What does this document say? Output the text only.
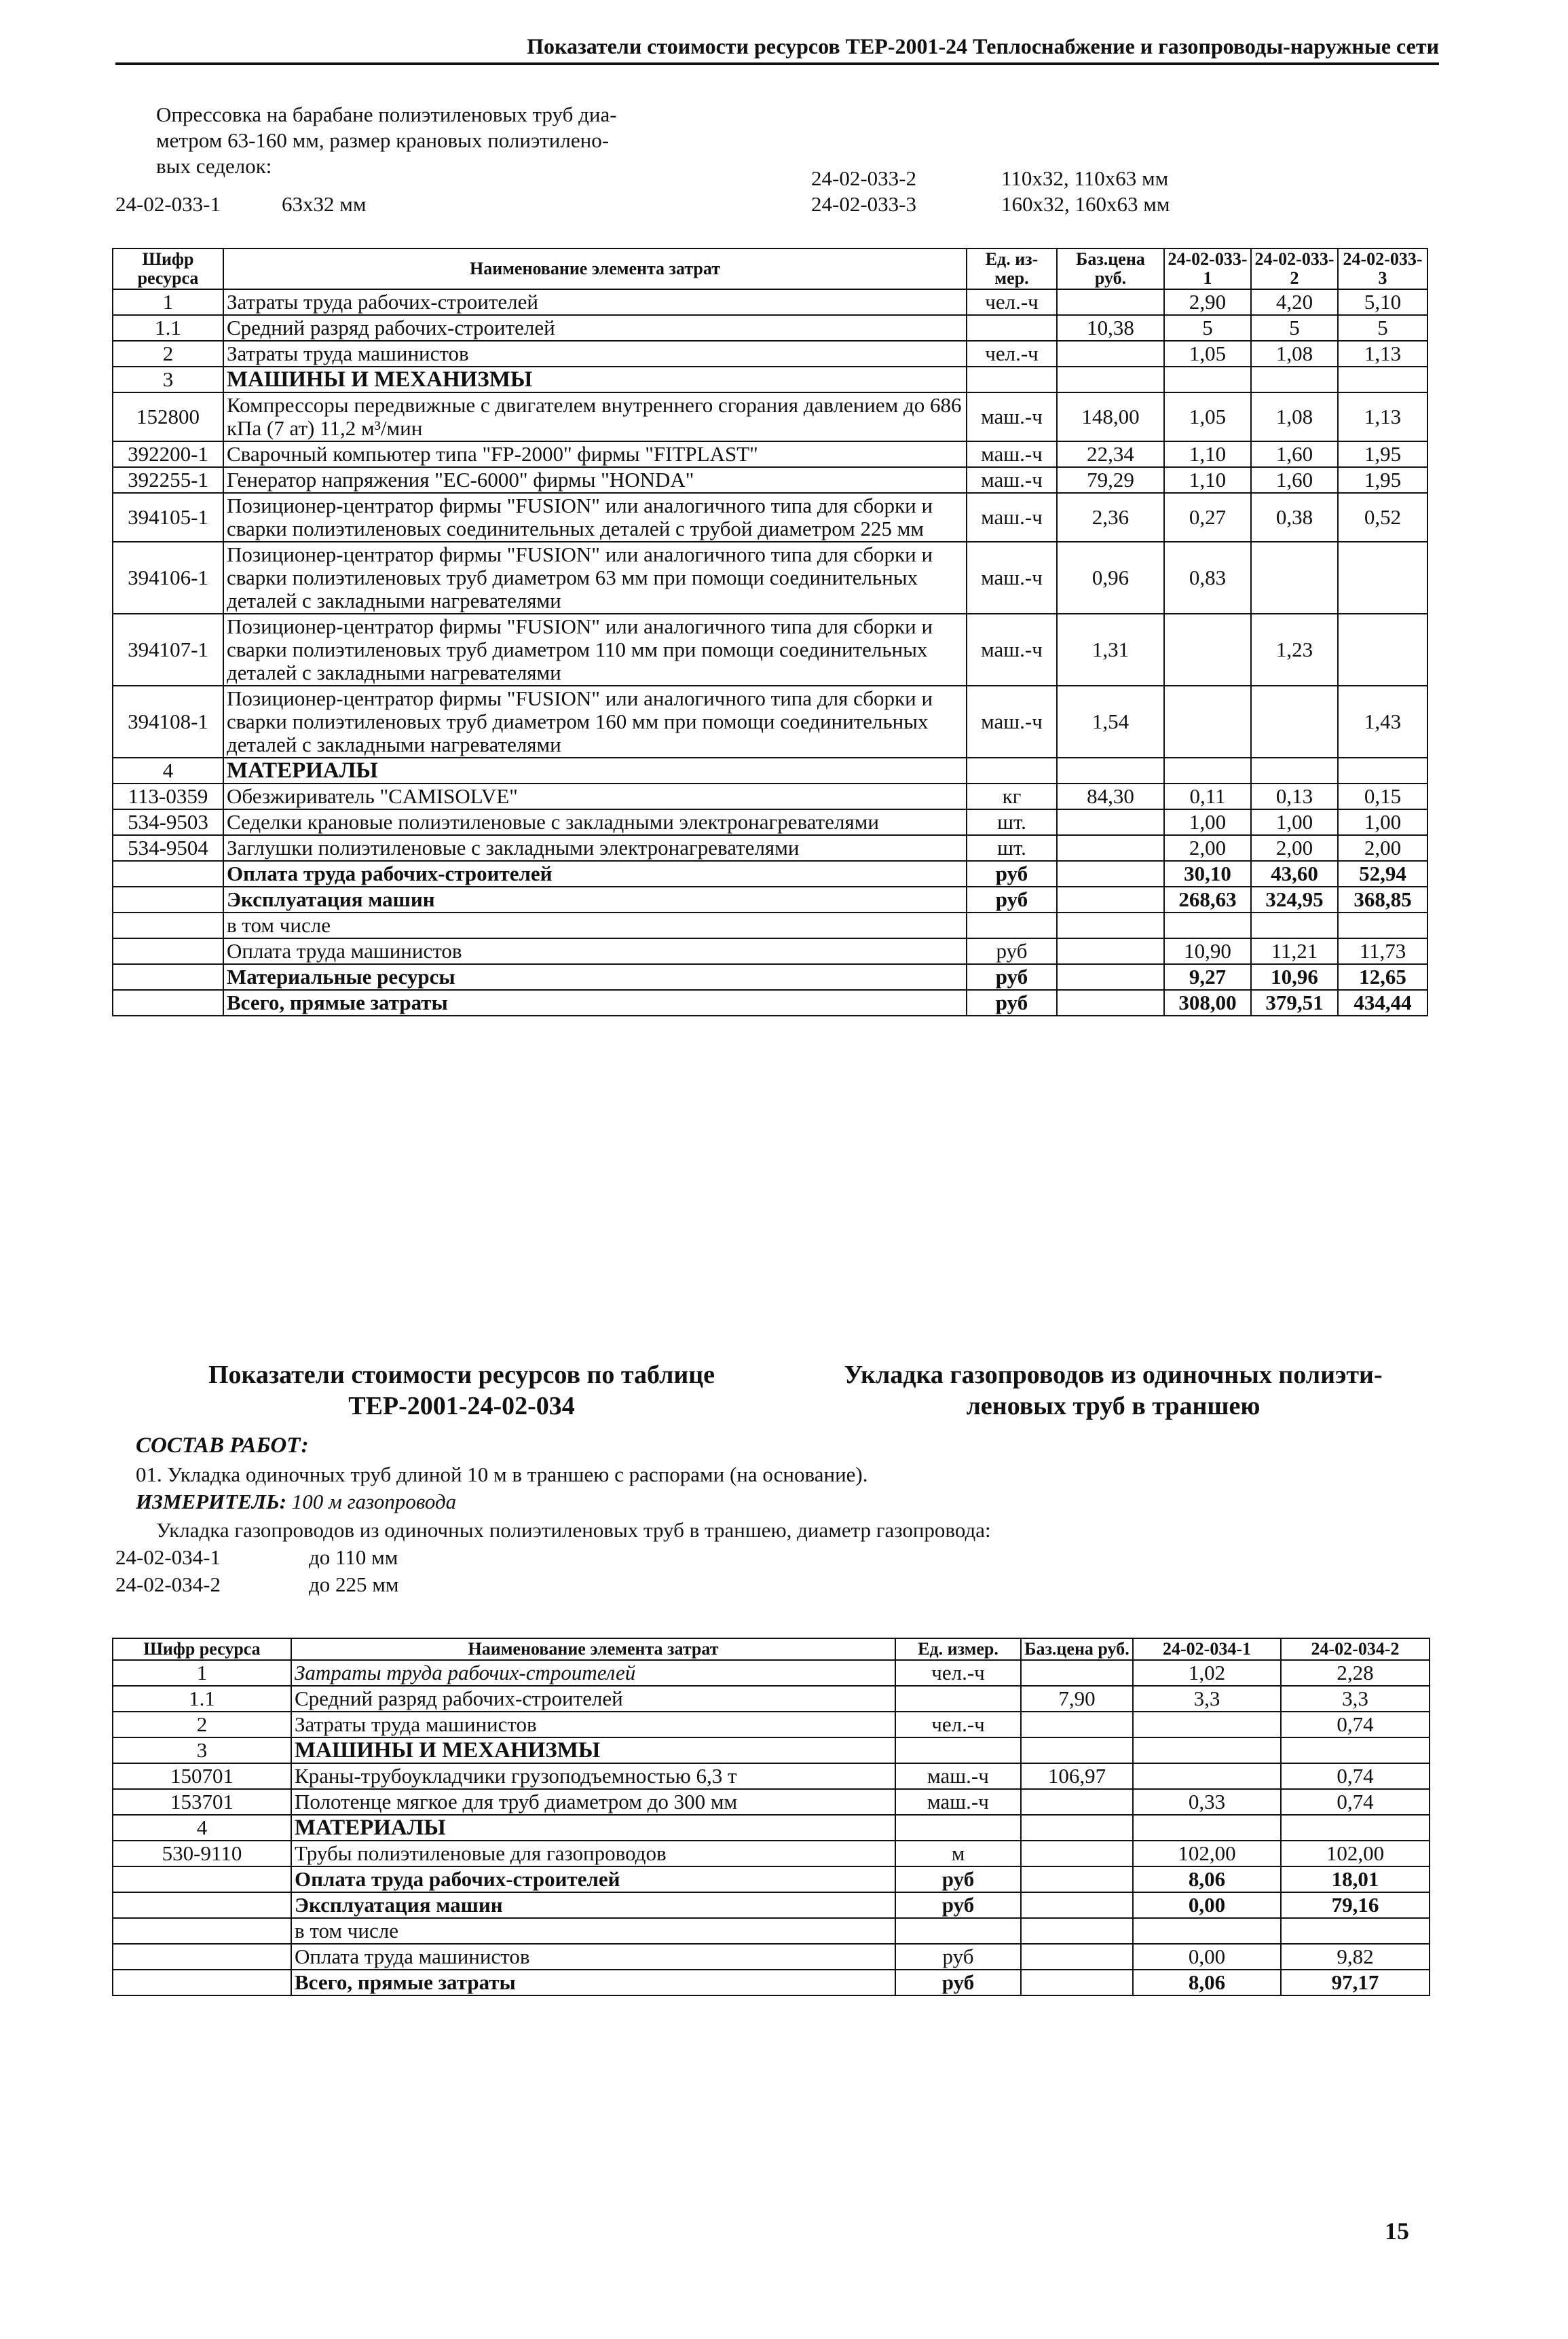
Показатели стоимости ресурсов ТЕР-2001-24 Теплоснабжение и газопроводы-наружные сети
Опрессовка на барабане полиэтиленовых труб диа-
метром 63-160 мм, размер крановых полиэтилено-
вых седелок:
24-02-033-1	63x32 мм
24-02-033-2	110x32, 110x63 мм
24-02-033-3	160x32, 160x63 мм
Шифр ресурса	Наименование элемента затрат	Ед. из-мер.	Баз.цена руб.	24-02-033-1	24-02-033-2	24-02-033-3
1	Затраты труда рабочих-строителей	чел.-ч		2,90	4,20	5,10
1.1	Средний разряд рабочих-строителей		10,38	5	5	5
2	Затраты труда машинистов	чел.-ч		1,05	1,08	1,13
3	МАШИНЫ И МЕХАНИЗМЫ					
152800	Компрессоры передвижные с двигателем внутреннего сгорания давлением до 686 кПа (7 ат) 11,2 м³/мин	маш.-ч	148,00	1,05	1,08	1,13
392200-1	Сварочный компьютер типа "FP-2000" фирмы "FITPLAST"	маш.-ч	22,34	1,10	1,60	1,95
392255-1	Генератор напряжения "EC-6000" фирмы "HONDA"	маш.-ч	79,29	1,10	1,60	1,95
394105-1	Позиционер-центратор фирмы "FUSION" или аналогичного типа для сборки и сварки полиэтиленовых соединительных деталей с трубой диаметром 225 мм	маш.-ч	2,36	0,27	0,38	0,52
394106-1	Позиционер-центратор фирмы "FUSION" или аналогичного типа для сборки и сварки полиэтиленовых труб диаметром 63 мм при помощи соединительных деталей с закладными нагревателями	маш.-ч	0,96	0,83		
394107-1	Позиционер-центратор фирмы "FUSION" или аналогичного типа для сборки и сварки полиэтиленовых труб диаметром 110 мм при помощи соединительных деталей с закладными нагревателями	маш.-ч	1,31		1,23	
394108-1	Позиционер-центратор фирмы "FUSION" или аналогичного типа для сборки и сварки полиэтиленовых труб диаметром 160 мм при помощи соединительных деталей с закладными нагревателями	маш.-ч	1,54			1,43
4	МАТЕРИАЛЫ					
113-0359	Обезжириватель "CAMISOLVE"	кг	84,30	0,11	0,13	0,15
534-9503	Седелки крановые полиэтиленовые с закладными электронагревателями	шт.		1,00	1,00	1,00
534-9504	Заглушки полиэтиленовые с закладными электронагревателями	шт.		2,00	2,00	2,00
	Оплата труда рабочих-строителей	руб		30,10	43,60	52,94
	Эксплуатация машин	руб		268,63	324,95	368,85
	в том числе					
	Оплата труда машинистов	руб		10,90	11,21	11,73
	Материальные ресурсы	руб		9,27	10,96	12,65
	Всего, прямые затраты	руб		308,00	379,51	434,44
Показатели стоимости ресурсов по таблице
ТЕР-2001-24-02-034
Укладка газопроводов из одиночных полиэти-
леновых труб в траншею
СОСТАВ РАБОТ:
01. Укладка одиночных труб длиной 10 м в траншею с распорами (на основание).
ИЗМЕРИТЕЛЬ: 100 м газопровода
Укладка газопроводов из одиночных полиэтиленовых труб в траншею, диаметр газопровода:
24-02-034-1	до 110 мм
24-02-034-2	до 225 мм
Шифр ресурса	Наименование элемента затрат	Ед. измер.	Баз.цена руб.	24-02-034-1	24-02-034-2
1	Затраты труда рабочих-строителей	чел.-ч		1,02	2,28
1.1	Средний разряд рабочих-строителей		7,90	3,3	3,3
2	Затраты труда машинистов	чел.-ч			0,74
3	МАШИНЫ И МЕХАНИЗМЫ				
150701	Краны-трубоукладчики грузоподъемностью 6,3 т	маш.-ч	106,97		0,74
153701	Полотенце мягкое для труб диаметром до 300 мм	маш.-ч		0,33	0,74
4	МАТЕРИАЛЫ				
530-9110	Трубы полиэтиленовые для газопроводов	м		102,00	102,00
	Оплата труда рабочих-строителей	руб		8,06	18,01
	Эксплуатация машин	руб		0,00	79,16
	в том числе				
	Оплата труда машинистов	руб		0,00	9,82
	Всего, прямые затраты	руб		8,06	97,17
15
